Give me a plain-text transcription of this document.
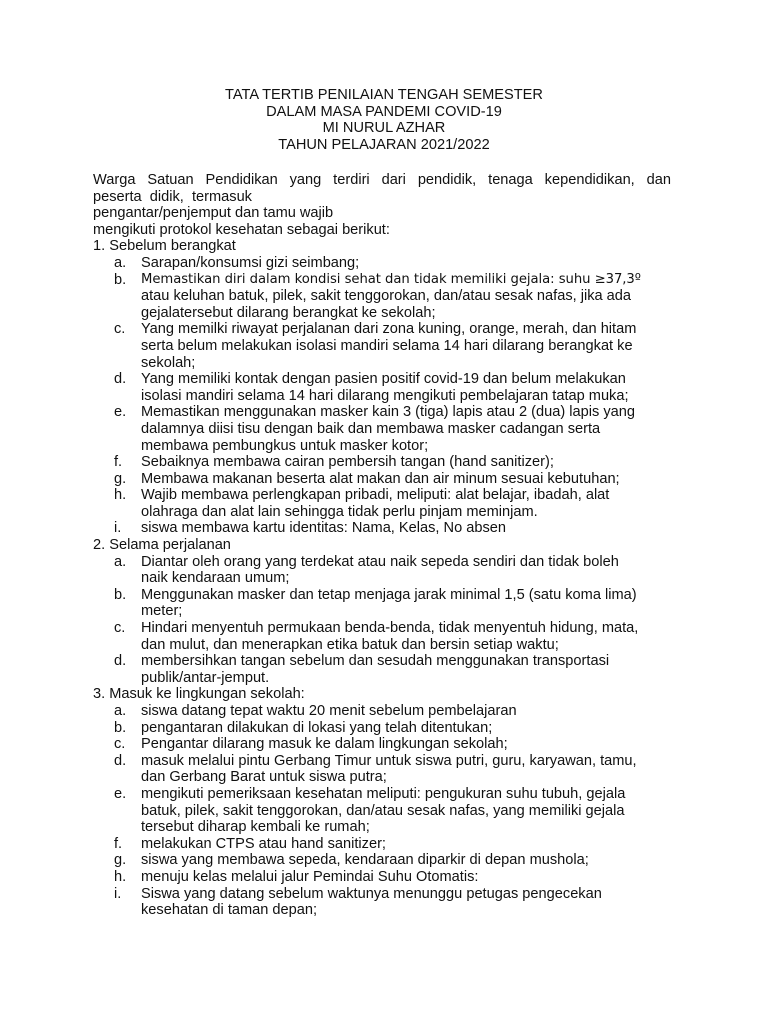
TATA TERTIB PENILAIAN TENGAH SEMESTER
DALAM MASA PANDEMI COVID-19
MI NURUL AZHAR
TAHUN PELAJARAN 2021/2022
Warga Satuan Pendidikan yang terdiri dari pendidik, tenaga kependidikan, dan
peserta  didik,  termasuk
pengantar/penjemput dan tamu wajib
mengikuti protokol kesehatan sebagai berikut:
1. Sebelum berangkat
a. Sarapan/konsumsi gizi seimbang;
b. Memastikan diri dalam kondisi sehat dan tidak memiliki gejala: suhu ≥37,3º
atau keluhan batuk, pilek, sakit tenggorokan, dan/atau sesak nafas, jika ada
gejalatersebut dilarang berangkat ke sekolah;
c. Yang memilki riwayat perjalanan dari zona kuning, orange, merah, dan hitam
serta belum melakukan isolasi mandiri selama 14 hari dilarang berangkat ke
sekolah;
d. Yang memiliki kontak dengan pasien positif covid-19 dan belum melakukan
isolasi mandiri selama 14 hari dilarang mengikuti pembelajaran tatap muka;
e. Memastikan menggunakan masker kain 3 (tiga) lapis atau 2 (dua) lapis yang
dalamnya diisi tisu dengan baik dan membawa masker cadangan serta
membawa pembungkus untuk masker kotor;
f. Sebaiknya membawa cairan pembersih tangan (hand sanitizer);
g. Membawa makanan beserta alat makan dan air minum sesuai kebutuhan;
h. Wajib membawa perlengkapan pribadi, meliputi: alat belajar, ibadah, alat
olahraga dan alat lain sehingga tidak perlu pinjam meminjam.
i. siswa membawa kartu identitas: Nama, Kelas, No absen
2. Selama perjalanan
a. Diantar oleh orang yang terdekat atau naik sepeda sendiri dan tidak boleh
naik kendaraan umum;
b. Menggunakan masker dan tetap menjaga jarak minimal 1,5 (satu koma lima)
meter;
c. Hindari menyentuh permukaan benda-benda, tidak menyentuh hidung, mata,
dan mulut, dan menerapkan etika batuk dan bersin setiap waktu;
d. membersihkan tangan sebelum dan sesudah menggunakan transportasi
publik/antar-jemput.
3. Masuk ke lingkungan sekolah:
a. siswa datang tepat waktu 20 menit sebelum pembelajaran
b. pengantaran dilakukan di lokasi yang telah ditentukan;
c. Pengantar dilarang masuk ke dalam lingkungan sekolah;
d. masuk melalui pintu Gerbang Timur untuk siswa putri, guru, karyawan, tamu,
dan Gerbang Barat untuk siswa putra;
e. mengikuti pemeriksaan kesehatan meliputi: pengukuran suhu tubuh, gejala
batuk, pilek, sakit tenggorokan, dan/atau sesak nafas, yang memiliki gejala
tersebut diharap kembali ke rumah;
f. melakukan CTPS atau hand sanitizer;
g. siswa yang membawa sepeda, kendaraan diparkir di depan mushola;
h. menuju kelas melalui jalur Pemindai Suhu Otomatis:
i. Siswa yang datang sebelum waktunya menunggu petugas pengecekan
kesehatan di taman depan;
